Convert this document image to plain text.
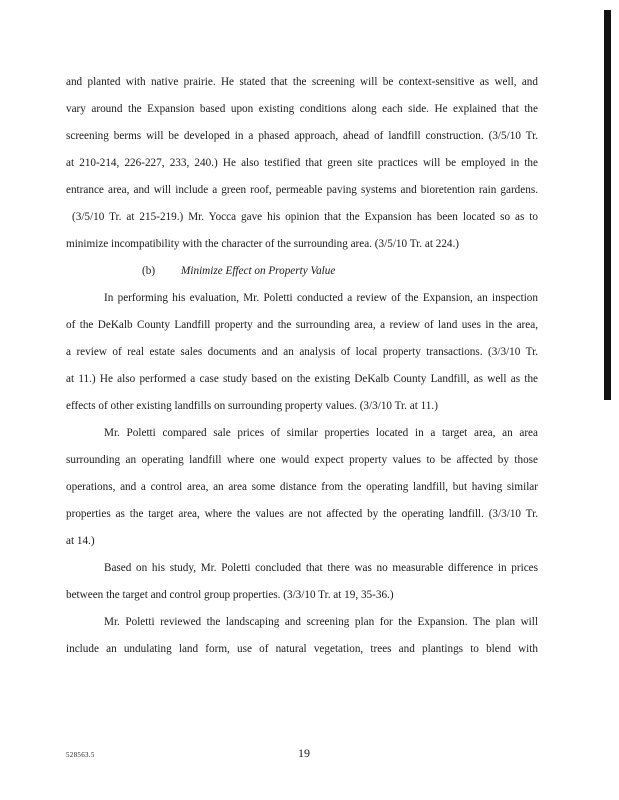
and planted with native prairie. He stated that the screening will be context-sensitive as well, and
vary around the Expansion based upon existing conditions along each side. He explained that the
screening berms will be developed in a phased approach, ahead of landfill construction. (3/5/10 Tr.
at 210-214, 226-227, 233, 240.) He also testified that green site practices will be employed in the
entrance area, and will include a green roof, permeable paving systems and bioretention rain gardens.
(3/5/10 Tr. at 215-219.) Mr. Yocca gave his opinion that the Expansion has been located so as to
minimize incompatibility with the character of the surrounding area. (3/5/10 Tr. at 224.)
(b) Minimize Effect on Property Value
In performing his evaluation, Mr. Poletti conducted a review of the Expansion, an inspection
of the DeKalb County Landfill property and the surrounding area, a review of land uses in the area,
a review of real estate sales documents and an analysis of local property transactions. (3/3/10 Tr.
at 11.) He also performed a case study based on the existing DeKalb County Landfill, as well as the
effects of other existing landfills on surrounding property values. (3/3/10 Tr. at 11.)
Mr. Poletti compared sale prices of similar properties located in a target area, an area
surrounding an operating landfill where one would expect property values to be affected by those
operations, and a control area, an area some distance from the operating landfill, but having similar
properties as the target area, where the values are not affected by the operating landfill. (3/3/10 Tr.
at 14.)
Based on his study, Mr. Poletti concluded that there was no measurable difference in prices
between the target and control group properties. (3/3/10 Tr. at 19, 35-36.)
Mr. Poletti reviewed the landscaping and screening plan for the Expansion. The plan will
include an undulating land form, use of natural vegetation, trees and plantings to blend with
528563.5	19
